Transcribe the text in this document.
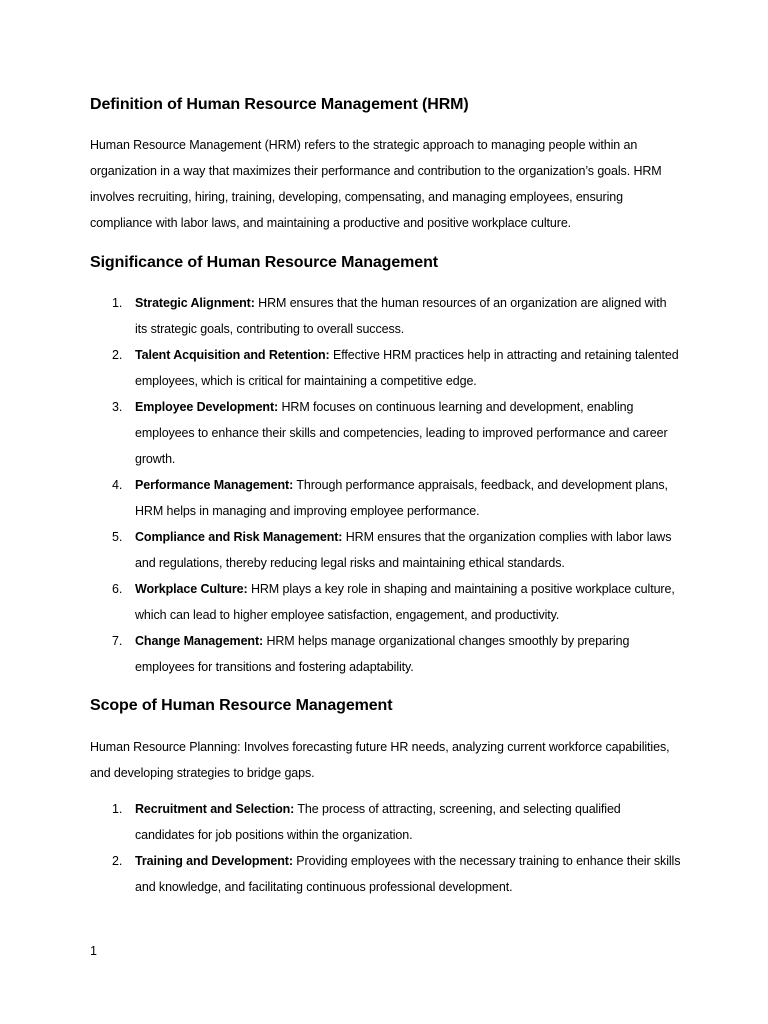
Definition of Human Resource Management (HRM)

Human Resource Management (HRM) refers to the strategic approach to managing people within an organization in a way that maximizes their performance and contribution to the organization’s goals. HRM involves recruiting, hiring, training, developing, compensating, and managing employees, ensuring compliance with labor laws, and maintaining a productive and positive workplace culture.

Significance of Human Resource Management
1. Strategic Alignment: HRM ensures that the human resources of an organization are aligned with its strategic goals, contributing to overall success.
2. Talent Acquisition and Retention: Effective HRM practices help in attracting and retaining talented employees, which is critical for maintaining a competitive edge.
3. Employee Development: HRM focuses on continuous learning and development, enabling employees to enhance their skills and competencies, leading to improved performance and career growth.
4. Performance Management: Through performance appraisals, feedback, and development plans, HRM helps in managing and improving employee performance.
5. Compliance and Risk Management: HRM ensures that the organization complies with labor laws and regulations, thereby reducing legal risks and maintaining ethical standards.
6. Workplace Culture: HRM plays a key role in shaping and maintaining a positive workplace culture, which can lead to higher employee satisfaction, engagement, and productivity.
7. Change Management: HRM helps manage organizational changes smoothly by preparing employees for transitions and fostering adaptability.
Scope of Human Resource Management

Human Resource Planning: Involves forecasting future HR needs, analyzing current workforce capabilities, and developing strategies to bridge gaps.

1. Recruitment and Selection: The process of attracting, screening, and selecting qualified candidates for job positions within the organization.
2. Training and Development: Providing employees with the necessary training to enhance their skills and knowledge, and facilitating continuous professional development.
1
